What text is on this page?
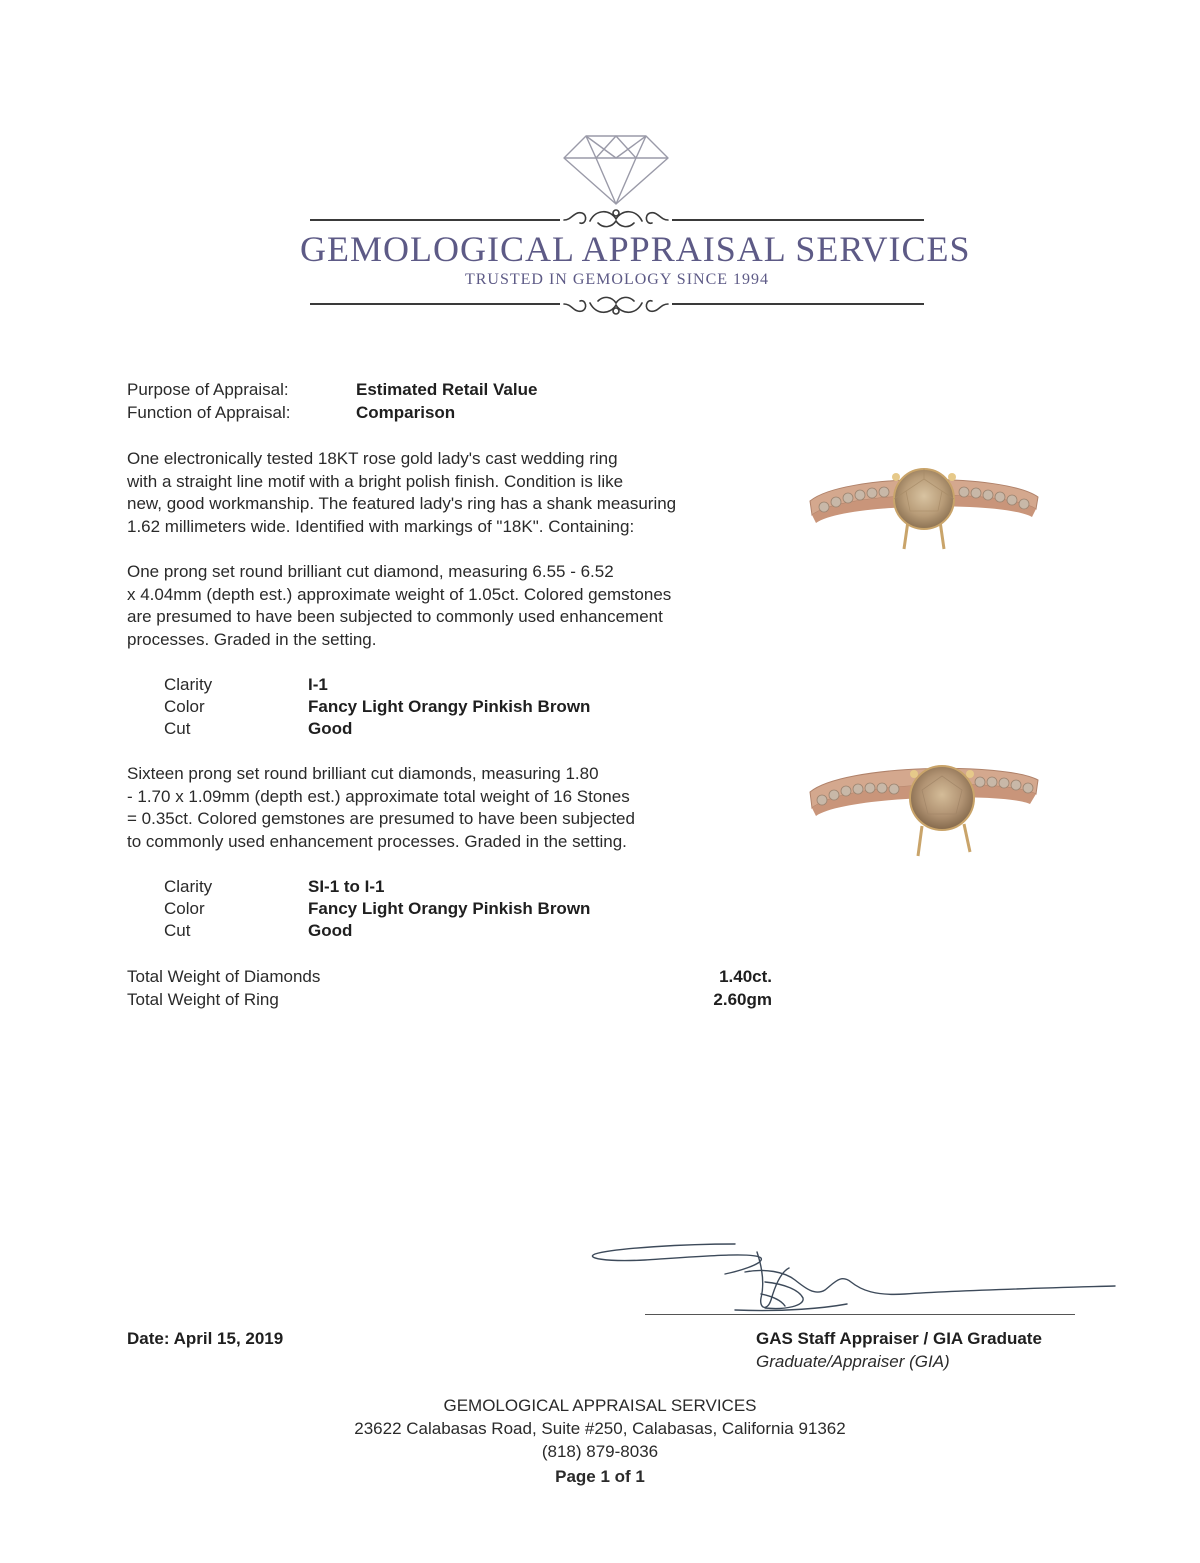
GEMOLOGICAL APPRAISAL SERVICES
TRUSTED IN GEMOLOGY SINCE 1994
Purpose of Appraisal:	Estimated Retail Value
Function of Appraisal:	Comparison
One electronically tested 18KT rose gold lady's cast wedding ring
with a straight line motif with a bright polish finish. Condition is like
new, good workmanship. The featured lady's ring has a shank measuring
1.62 millimeters wide. Identified with markings of "18K". Containing:
One prong set round brilliant cut diamond, measuring 6.55 - 6.52
x 4.04mm (depth est.) approximate weight of 1.05ct. Colored gemstones
are presumed to have been subjected to commonly used enhancement
processes. Graded in the setting.
Clarity	I-1
Color	Fancy Light Orangy Pinkish Brown
Cut	Good
Sixteen prong set round brilliant cut diamonds, measuring 1.80
- 1.70 x 1.09mm (depth est.) approximate total weight of 16 Stones
= 0.35ct. Colored gemstones are presumed to have been subjected
to commonly used enhancement processes. Graded in the setting.
Clarity	SI-1 to I-1
Color	Fancy Light Orangy Pinkish Brown
Cut	Good
Total Weight of Diamonds	1.40ct.
Total Weight of Ring	2.60gm
Date: April 15, 2019	GAS Staff Appraiser / GIA Graduate
Graduate/Appraiser (GIA)
GEMOLOGICAL APPRAISAL SERVICES
23622 Calabasas Road, Suite #250, Calabasas, California 91362
(818) 879-8036
Page 1 of 1
